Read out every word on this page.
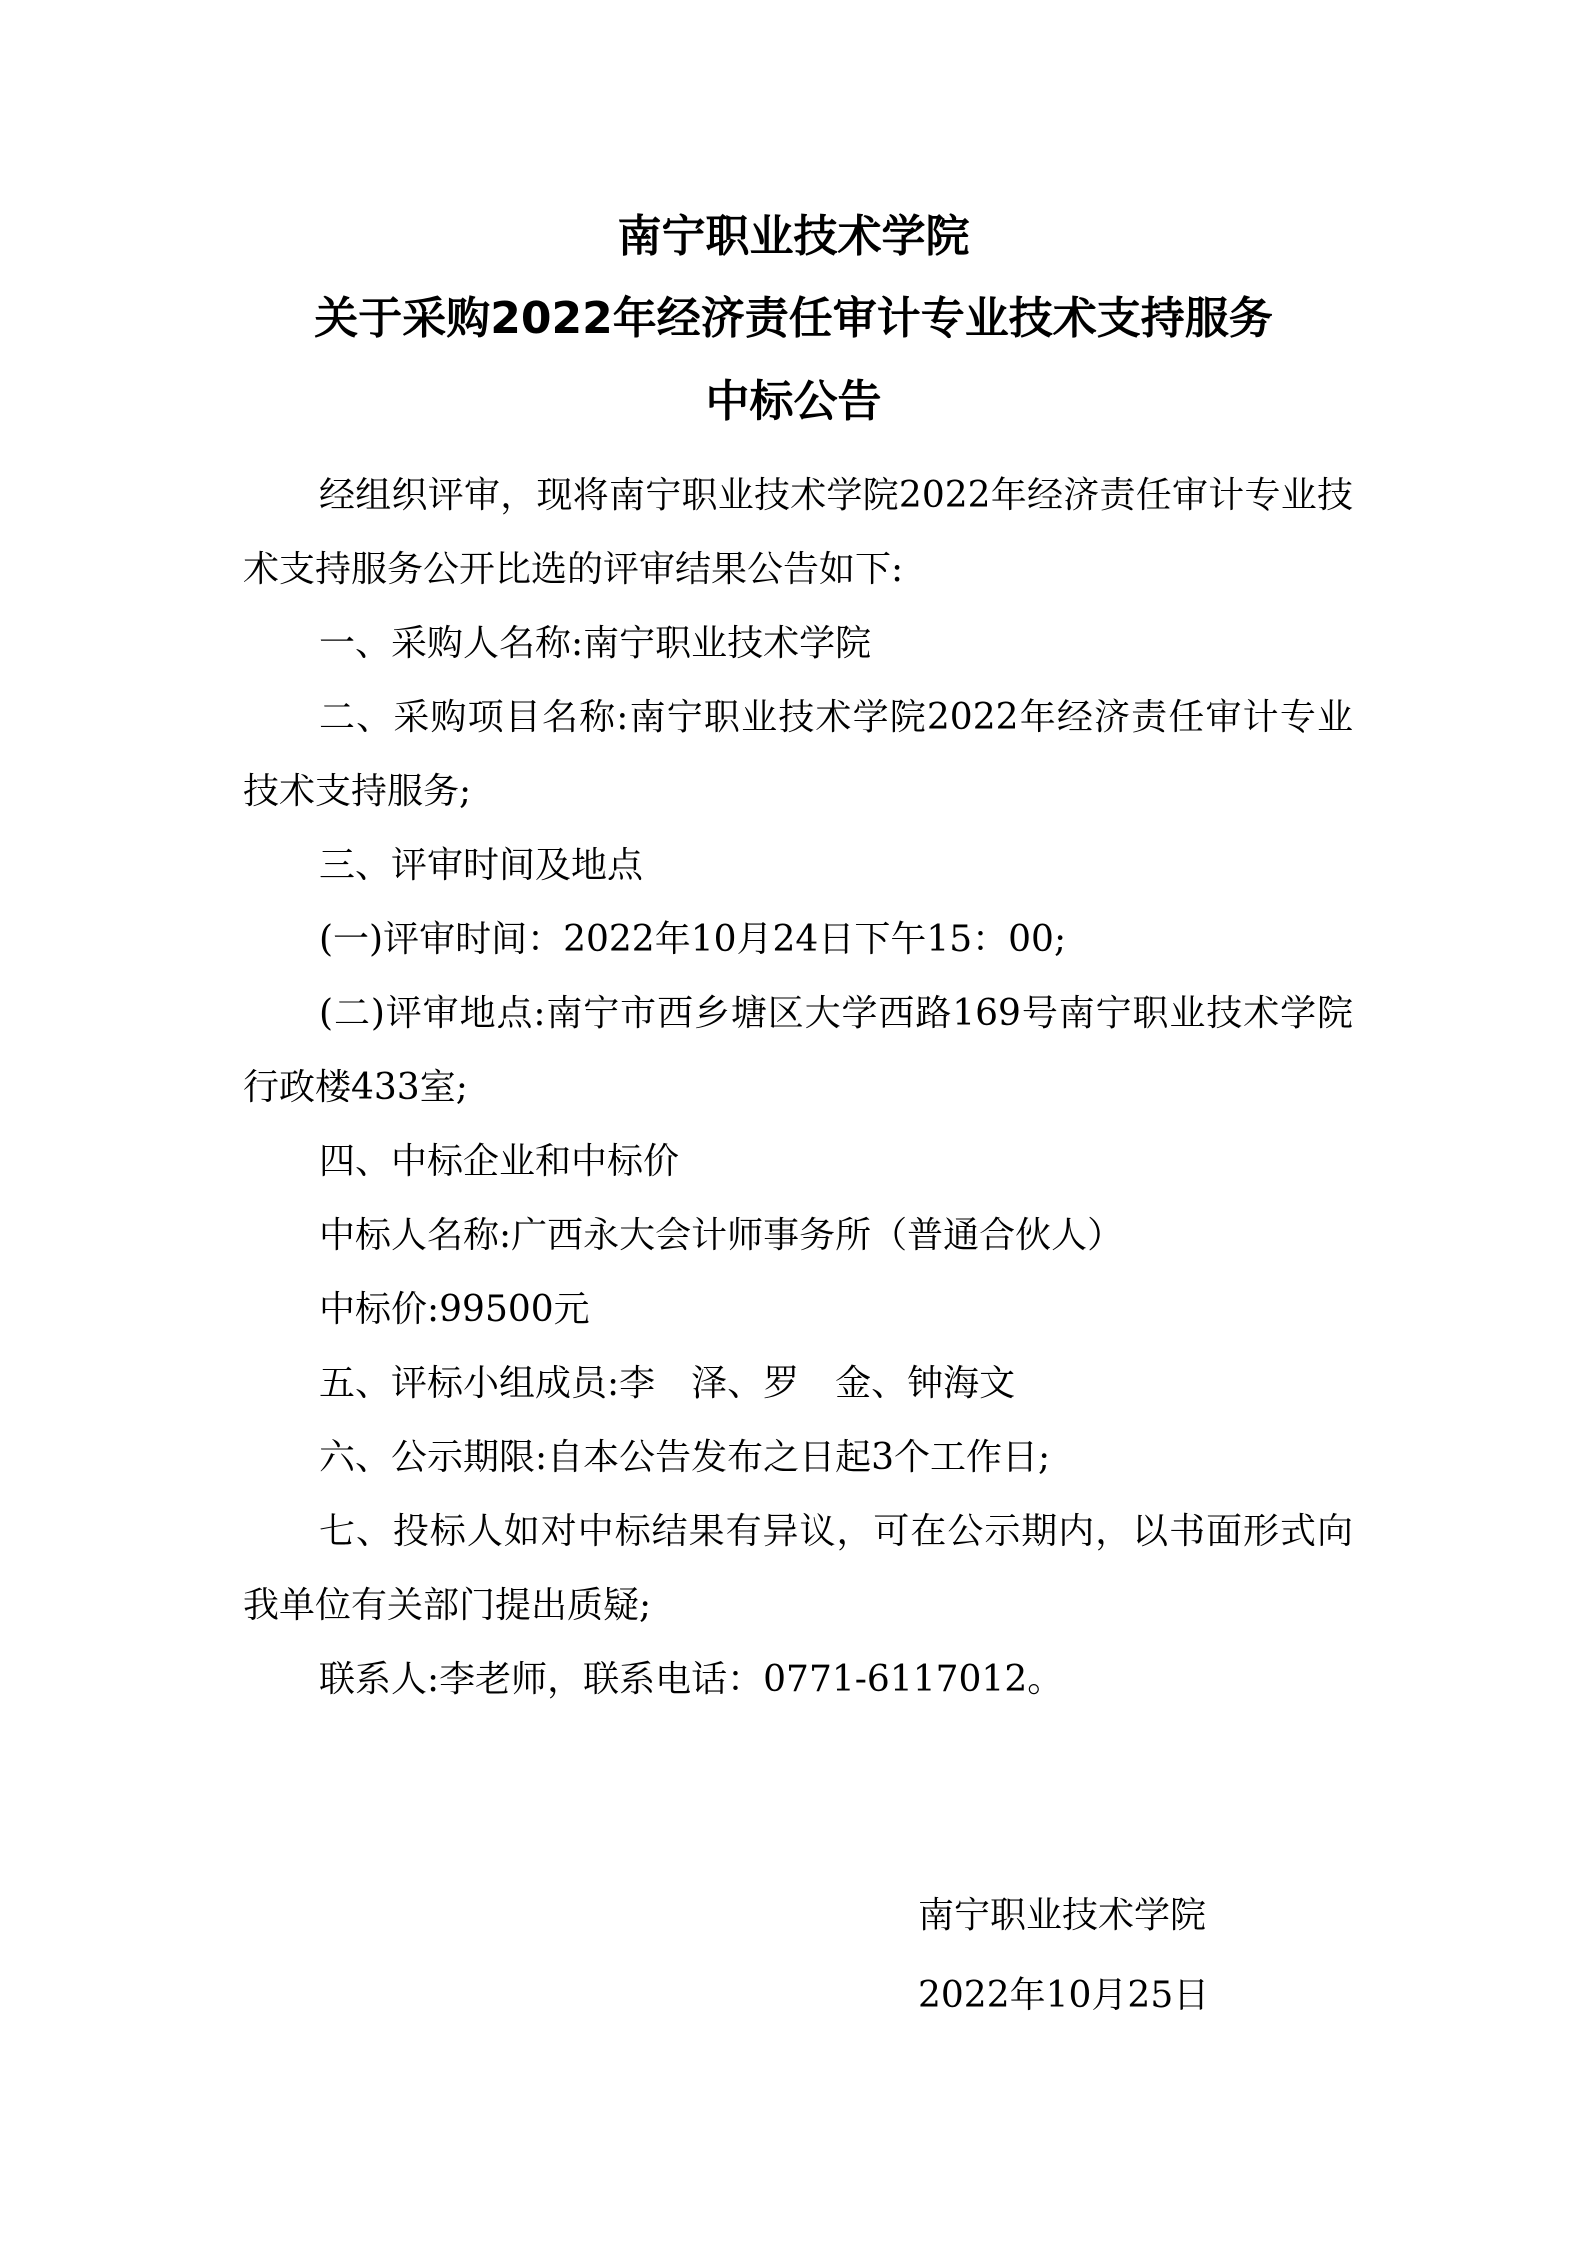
南宁职业技术学院
关于采购2022年经济责任审计专业技术支持服务
中标公告

经组织评审，现将南宁职业技术学院2022年经济责任审计专业技术支持服务公开比选的评审结果公告如下:

一、采购人名称:南宁职业技术学院

二、采购项目名称:南宁职业技术学院2022年经济责任审计专业技术支持服务;

三、评审时间及地点

(一)评审时间：2022年10月24日下午15：00;

(二)评审地点:南宁市西乡塘区大学西路169号南宁职业技术学院行政楼433室;

四、中标企业和中标价

中标人名称:广西永大会计师事务所（普通合伙人）

中标价:99500元

五、评标小组成员:李　泽、罗　金、钟海文

六、公示期限:自本公告发布之日起3个工作日;

七、投标人如对中标结果有异议，可在公示期内，以书面形式向我单位有关部门提出质疑;

联系人:李老师，联系电话：0771-6117012。

南宁职业技术学院
2022年10月25日
